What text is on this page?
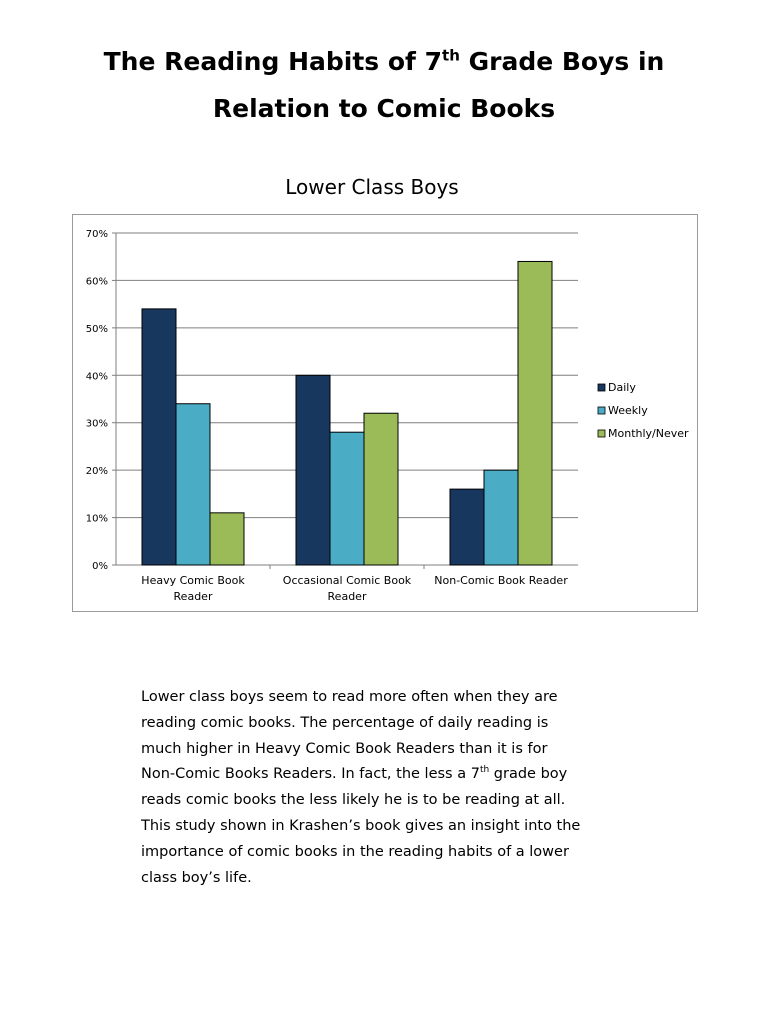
The Reading Habits of 7th Grade Boys in
Relation to Comic Books
Lower Class Boys
0%
10%
20%
30%
40%
50%
60%
70%
Heavy Comic Book
Reader
Occasional Comic Book
Reader
Non-Comic Book Reader
Daily
Weekly
Monthly/Never
Lower class boys seem to read more often when they are reading comic books. The percentage of daily reading is much higher in Heavy Comic Book Readers than it is for Non-Comic Books Readers. In fact, the less a 7th grade boy reads comic books the less likely he is to be reading at all. This study shown in Krashen’s book gives an insight into the importance of comic books in the reading habits of a lower class boy’s life.
